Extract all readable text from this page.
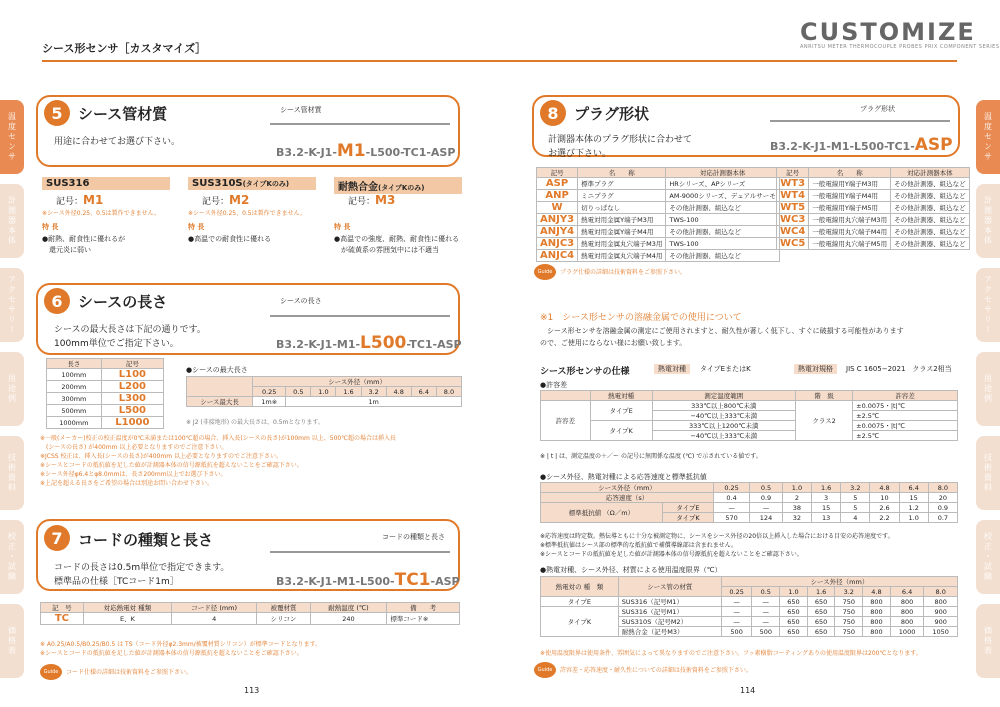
シース形センサ［カスタマイズ］
CUSTOMIZE
ANRITSU METER THERMOCOUPLE PROBES PRIX COMPONENT SERIES
温度センサ
計測器本体
アクセサリー
用途例
技術資料
校正・試験
価格表
温度センサ
計測器本体
アクセサリー
用途例
技術資料
校正・試験
価格表
5	シース管材質
用途に合わせてお選び下さい。
シース管材質
B3.2-K-J1-M1-L500-TC1-ASP
SUS316
記号：M1
※シース外径0.25、0.5は製作できません。
特 長
●耐熱、耐食性に優れるが
　還元炎に弱い
SUS310S(タイプKのみ)
記号：M2
※シース外径0.25、0.5は製作できません。
特 長
●高温での耐食性に優れる
耐熱合金(タイプKのみ)
記号：M3
特 長
●高温での強度、耐熱、耐食性に優れる
　が硫黄系の雰囲気中には不適当
6	シースの長さ
シースの最大長さは下記の通りです。
100mm単位でご指定下さい。
シースの長さ
B3.2-K-J1-M1-L500-TC1-ASP
長さ	記号
100mm	L100
200mm	L200
300mm	L300
500mm	L500
1000mm	L1000
●シースの最大長さ
	シース外径（mm）							
	0.25	0.5	1.0	1.6	3.2	4.8	6.4	8.0
シース最大長	1m※	1m						
※ J2 (非接地形) の最大長さは、0.5mとなります。
※一般(メーカー)校正の校正温度が0℃未満または100℃超の場合、挿入長(シースの長さ)が100mm 以上、500℃超の場合は挿入長
　(シースの長さ) が400mm 以上必要となりますのでご注意下さい。
※JCSS 校正は、挿入長(シースの長さ)が400mm 以上必要となりますのでご注意下さい。
※シースとコードの抵抗値を足した値が計測器本体の信号源抵抗を超えないことをご確認下さい。
※シース外径φ6.4とφ8.0mmは、長さ200mm以上でお選び下さい。
※上記を超える長さをご希望の場合は別途お問い合わせ下さい。
7	コードの種類と長さ
コードの長さは0.5m単位で指定できます。
標準品の仕様［TCコード1m］
コードの種類と長さ
B3.2-K-J1-M1-L500-TC1-ASP
記　号	対応熱電対 種類	コード径 (mm)	被覆材質	耐熱温度 (℃)	備　　考
TC	E、K	4	シリコン	240	標準コード※
※ A0.25/A0.5/B0.25/B0.5 は TS（コード外径φ2.3mm/被覆材質シリコン）が標準コードとなります。
※シースとコードの抵抗値を足した値が計測器本体の信号源抵抗を超えないことをご確認下さい。
Guide	コード仕様の詳細は技術資料をご参照下さい。
113
8	プラグ形状
計測器本体のプラグ形状に合わせて
お選び下さい。
プラグ形状
B3.2-K-J1-M1-L500-TC1-ASP
記号	名　　称	対応計測器本体
ASP	標準プラグ	HRシリーズ、APシリーズ
ANP	ミニプラグ	AM-9000シリーズ、デュアルサーモ
W	切りっぱなし	その他計測器、組込など
ANJY3	熱電対用金属Y端子M3用	TWS-100
ANJY4	熱電対用金属Y端子M4用	その他計測器、組込など
ANJC3	熱電対用金属丸穴端子M3用	TWS-100
ANJC4	熱電対用金属丸穴端子M4用	その他計測器、組込など
記号	名　　称	対応計測器本体
WT3	一般電線用Y端子M3用	その他計測器、組込など
WT4	一般電線用Y端子M4用	その他計測器、組込など
WT5	一般電線用Y端子M5用	その他計測器、組込など
WC3	一般電線用丸穴端子M3用	その他計測器、組込など
WC4	一般電線用丸穴端子M4用	その他計測器、組込など
WC5	一般電線用丸穴端子M5用	その他計測器、組込など
Guide	プラグ仕様の詳細は技術資料をご参照下さい。
※1　シース形センサの溶融金属での使用について
　シース形センサを溶融金属の測定にご使用されますと、耐久性が著しく低下し、すぐに破損する可能性があります
ので、ご使用にならない様にお願い致します。
シース形センサの仕様	熱電対種	タイプEまたはK	熱電対規格	JIS C 1605−2021　クラス2相当
●許容差
	熱電対種	測定温度範囲	階　級	許容差
許容差	タイプE	333℃以上800℃未満	クラス2	±0.0075・|t|℃
		−40℃以上333℃未満		±2.5℃
	タイプK	333℃以上1200℃未満		±0.0075・|t|℃
		−40℃以上333℃未満		±2.5℃
※ | t | は、測定温度の＋／ー の記号に無関係な温度 (℃) で示されている値です。
●シース外径、熱電対種による応答速度と標準抵抗値
シース外径（mm）		0.25	0.5	1.0	1.6	3.2	4.8	6.4	8.0
応答速度（s）		0.4	0.9	2	3	5	10	15	20
標準抵抗値 （Ω／m）	タイプE	—	—	38	15	5	2.6	1.2	0.9
	タイプK	570	124	32	13	4	2.2	1.0	0.7
※応答速度は時定数。熱伝導ともに十分な被測定物に、シースをシース外径の20倍以上挿入した場合における目安の応答速度です。
※標準抵抗値はシース部の標準的な抵抗値で補償導線部は含まれません。
※シースとコードの抵抗値を足した値が計測器本体の信号源抵抗を超えないことをご確認下さい。
●熱電対種、シース外径、材質による使用温度限界（℃）
熱電対の 種　類	シース管の材質	シース外径（mm）							
		0.25	0.5	1.0	1.6	3.2	4.8	6.4	8.0
タイプE	SUS316（記号M1）	—	—	650	650	750	800	800	800
タイプK	SUS316（記号M1）	—	—	650	650	750	800	800	900
	SUS310S（記号M2）	—	—	650	650	750	800	800	900
	耐熱合金（記号M3）	500	500	650	650	750	800	1000	1050
※使用温度限界は使用条件、雰囲気によって異なりますのでご注意下さい。フッ素樹脂コーティングありの使用温度限界は200℃となります。
Guide	許容差・応答速度・耐久性についての詳細は技術資料をご参照下さい。
114
